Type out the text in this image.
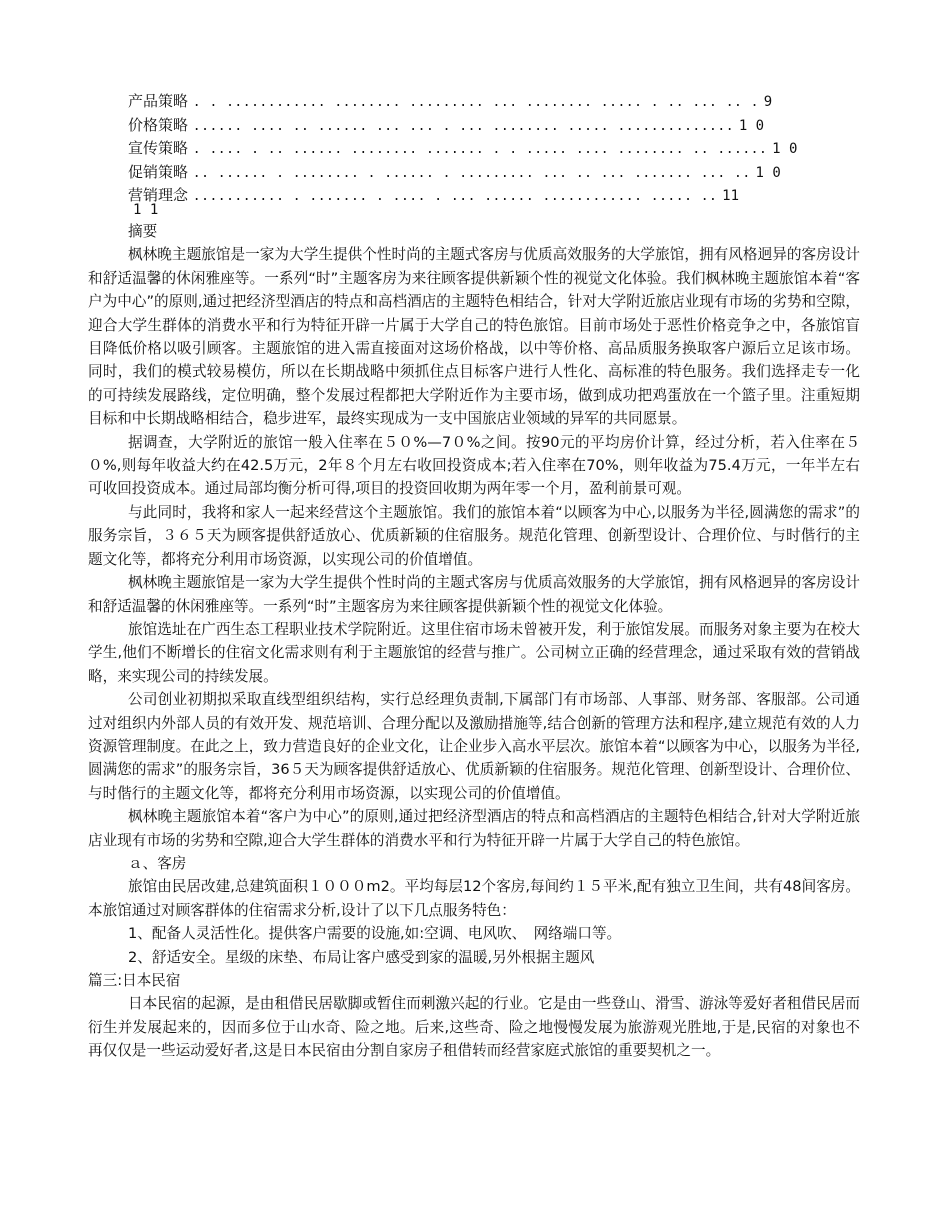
产品策略 . . ............ ........ ......... ... ........ ..... . .. ... .. . 9
价格策略 ...... .... .. ...... ... ... . ... ........ ..... .............. 1 0
宣传策略 . .... . .. ...... ........ ....... . . ..... .... ........ .. ...... 1 0
促销策略 .. ...... . ........ . ...... . ......... ... .. ... ....... ... .. 1 0
营销理念 ........... . ....... . .... . ... ...... ............ ..... .. 11
1 1

摘要

枫林晚主题旅馆是一家为大学生提供个性时尚的主题式客房与优质高效服务的大学旅馆，拥有风格迥异的客房设计和舒适温馨的休闲雅座等。一系列“时”主题客房为来往顾客提供新颖个性的视觉文化体验。我们枫林晚主题旅馆本着“客户为中心”的原则,通过把经济型酒店的特点和高档酒店的主题特色相结合，针对大学附近旅店业现有市场的劣势和空隙，迎合大学生群体的消费水平和行为特征开辟一片属于大学自己的特色旅馆。目前市场处于恶性价格竞争之中，各旅馆盲目降低价格以吸引顾客。主题旅馆的进入需直接面对这场价格战，以中等价格、高品质服务换取客户源后立足该市场。同时，我们的模式较易模仿，所以在长期战略中须抓住点目标客户进行人性化、高标准的特色服务。我们选择走专一化的可持续发展路线，定位明确，整个发展过程都把大学附近作为主要市场，做到成功把鸡蛋放在一个篮子里。注重短期目标和中长期战略相结合，稳步进军，最终实现成为一支中国旅店业领域的异军的共同愿景。

据调查，大学附近的旅馆一般入住率在５０%—7０%之间。按90元的平均房价计算，经过分析，若入住率在５０%,则每年收益大约在42.5万元，2年８个月左右收回投资成本;若入住率在70%，则年收益为75.4万元，一年半左右可收回投资成本。通过局部均衡分析可得,项目的投资回收期为两年零一个月，盈利前景可观。

与此同时，我将和家人一起来经营这个主题旅馆。我们的旅馆本着“以顾客为中心,以服务为半径,圆满您的需求”的服务宗旨，３６５天为顾客提供舒适放心、优质新颖的住宿服务。规范化管理、创新型设计、合理价位、与时偕行的主题文化等，都将充分利用市场资源，以实现公司的价值增值。

枫林晚主题旅馆是一家为大学生提供个性时尚的主题式客房与优质高效服务的大学旅馆，拥有风格迥异的客房设计和舒适温馨的休闲雅座等。一系列“时”主题客房为来往顾客提供新颖个性的视觉文化体验。

旅馆选址在广西生态工程职业技术学院附近。这里住宿市场未曾被开发，利于旅馆发展。而服务对象主要为在校大学生,他们不断增长的住宿文化需求则有利于主题旅馆的经营与推广。公司树立正确的经营理念，通过采取有效的营销战略，来实现公司的持续发展。

公司创业初期拟采取直线型组织结构，实行总经理负责制,下属部门有市场部、人事部、财务部、客服部。公司通过对组织内外部人员的有效开发、规范培训、合理分配以及激励措施等,结合创新的管理方法和程序,建立规范有效的人力资源管理制度。在此之上，致力营造良好的企业文化，让企业步入高水平层次。旅馆本着“以顾客为中心，以服务为半径,圆满您的需求”的服务宗旨，36５天为顾客提供舒适放心、优质新颖的住宿服务。规范化管理、创新型设计、合理价位、与时偕行的主题文化等，都将充分利用市场资源，以实现公司的价值增值。

枫林晚主题旅馆本着“客户为中心”的原则,通过把经济型酒店的特点和高档酒店的主题特色相结合,针对大学附近旅店业现有市场的劣势和空隙,迎合大学生群体的消费水平和行为特征开辟一片属于大学自己的特色旅馆。

ａ、客房

旅馆由民居改建,总建筑面积１０００m2。平均每层12个客房,每间约１５平米,配有独立卫生间，共有48间客房。本旅馆通过对顾客群体的住宿需求分析,设计了以下几点服务特色：

1、配备人灵活性化。提供客户需要的设施,如:空调、电风吹、　网络端口等。

2、舒适安全。星级的床垫、布局让客户感受到家的温暖,另外根据主题风

篇三:日本民宿

日本民宿的起源，是由租借民居歇脚或暂住而刺激兴起的行业。它是由一些登山、滑雪、游泳等爱好者租借民居而衍生并发展起来的，因而多位于山水奇、险之地。后来,这些奇、险之地慢慢发展为旅游观光胜地,于是,民宿的对象也不再仅仅是一些运动爱好者,这是日本民宿由分割自家房子租借转而经营家庭式旅馆的重要契机之一。
